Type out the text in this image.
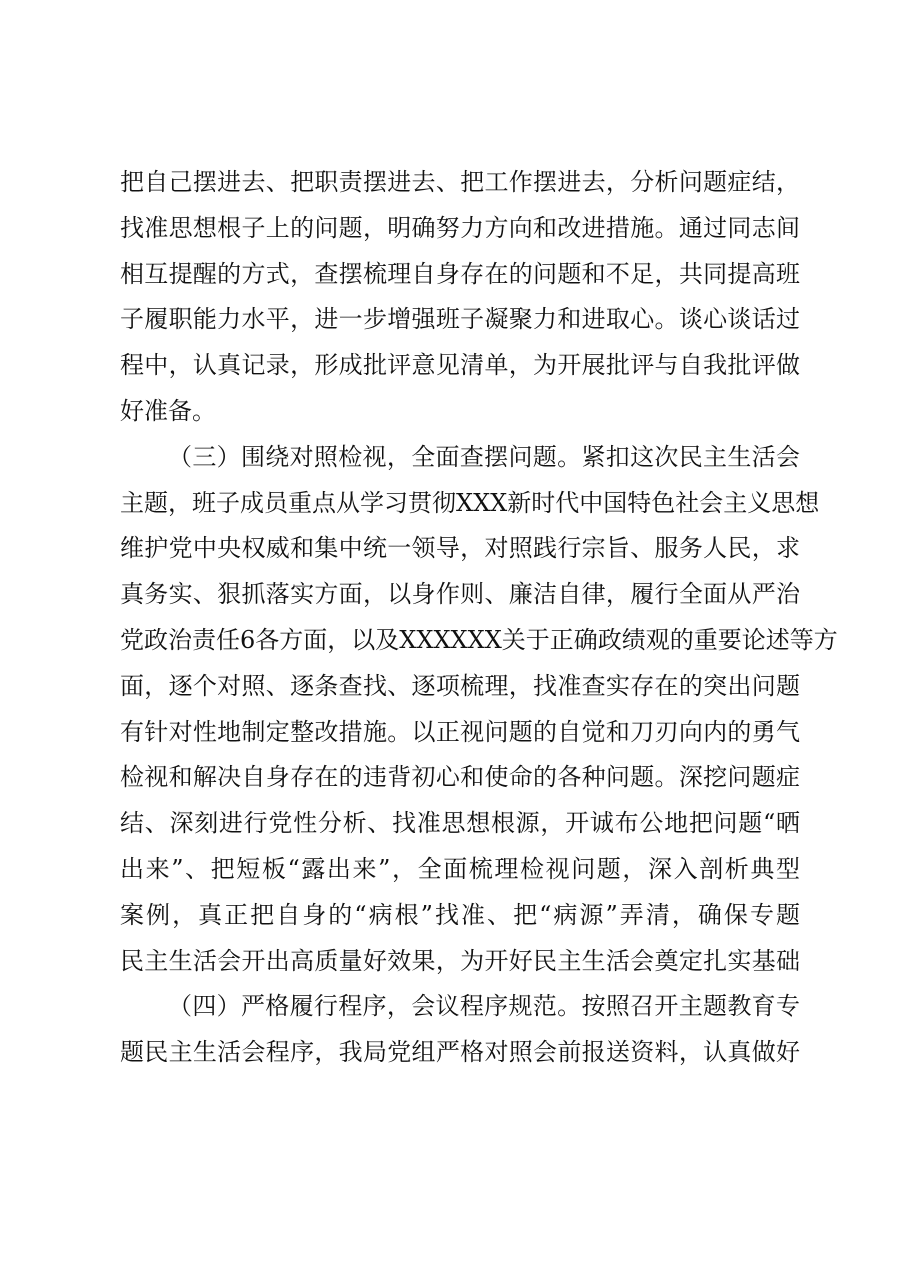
把自己摆进去、把职责摆进去、把工作摆进去，分析问题症结，
找准思想根子上的问题，明确努力方向和改进措施。通过同志间
相互提醒的方式，查摆梳理自身存在的问题和不足，共同提高班
子履职能力水平，进一步增强班子凝聚力和进取心。谈心谈话过
程中，认真记录，形成批评意见清单，为开展批评与自我批评做
好准备。
（三）围绕对照检视，全面查摆问题。紧扣这次民主生活会
主题，班子成员重点从学习贯彻XXX新时代中国特色社会主义思想
维护党中央权威和集中统一领导，对照践行宗旨、服务人民，求
真务实、狠抓落实方面，以身作则、廉洁自律，履行全面从严治
党政治责任6各方面，以及XXXXXX关于正确政绩观的重要论述等方
面，逐个对照、逐条查找、逐项梳理，找准查实存在的突出问题
有针对性地制定整改措施。以正视问题的自觉和刀刃向内的勇气
检视和解决自身存在的违背初心和使命的各种问题。深挖问题症
结、深刻进行党性分析、找准思想根源，开诚布公地把问题“晒
出来”、把短板“露出来”，全面梳理检视问题，深入剖析典型
案例，真正把自身的“病根”找准、把“病源”弄清，确保专题
民主生活会开出高质量好效果，为开好民主生活会奠定扎实基础
（四）严格履行程序，会议程序规范。按照召开主题教育专
题民主生活会程序，我局党组严格对照会前报送资料，认真做好
